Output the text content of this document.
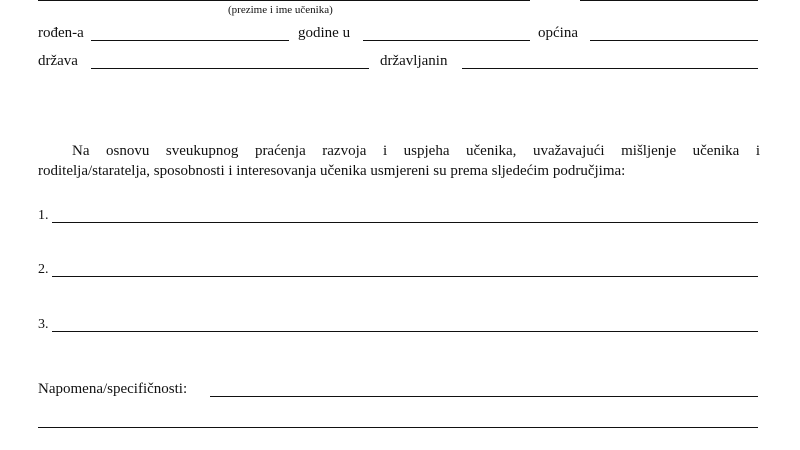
(prezime i ime učenika)
rođen-a	godine u	općina
država	državljanin
Na osnovu sveukupnog praćenja razvoja i uspjeha učenika, uvažavajući mišljenje učenika i
roditelja/staratelja, sposobnosti i interesovanja učenika usmjereni su prema sljedećim područjima:
1.
2.
3.
Napomena/specifičnosti:
